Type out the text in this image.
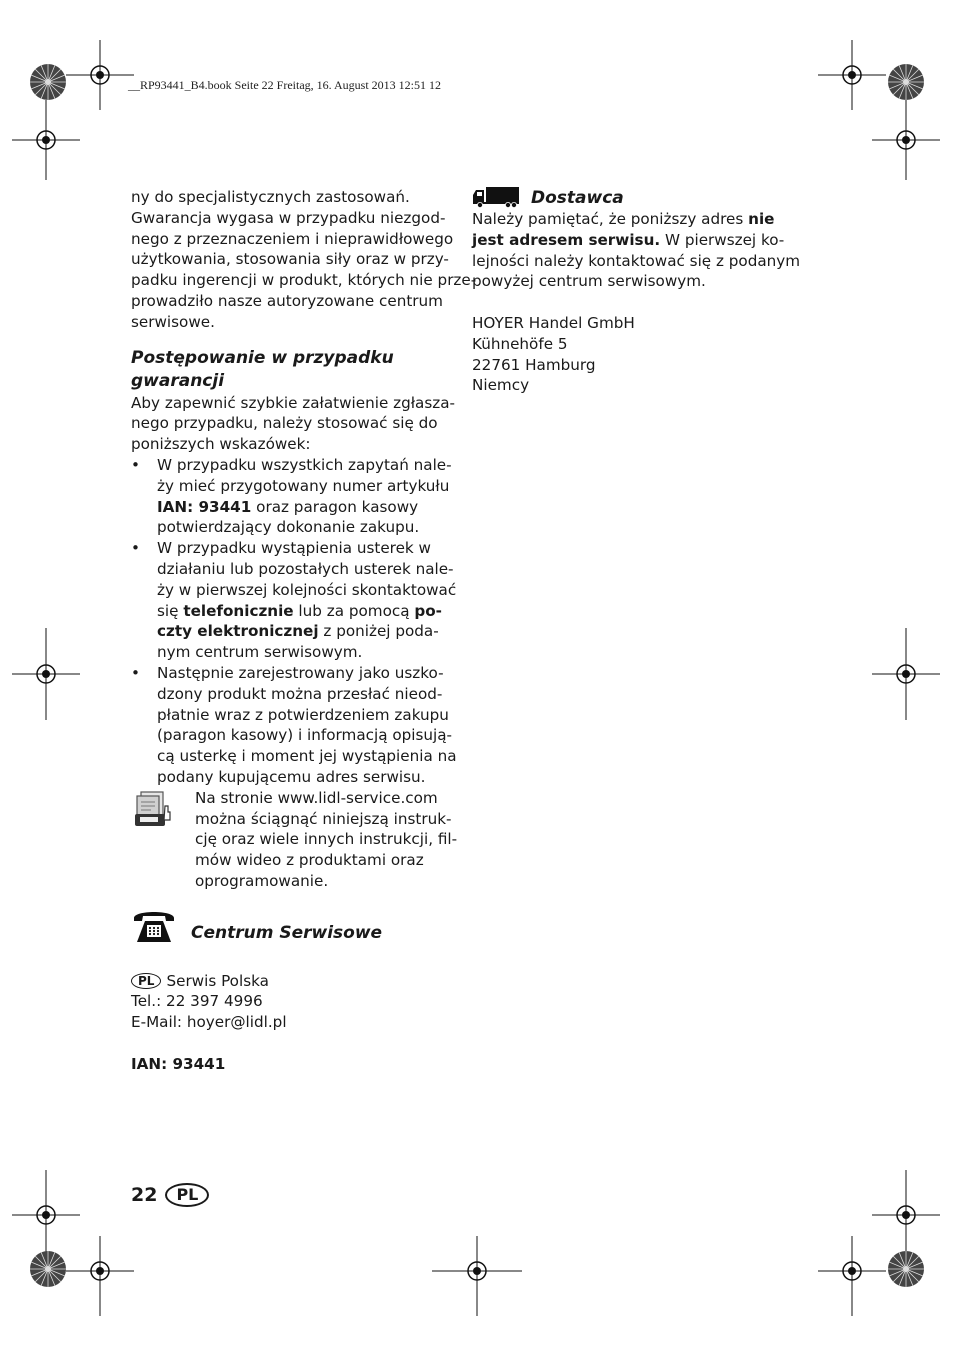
__RP93441_B4.book Seite 22 Freitag, 16. August 2013 12:51 12
ny do specjalistycznych zastosowań.
Gwarancja wygasa w przypadku niezgod-
nego z przeznaczeniem i nieprawidłowego
użytkowania, stosowania siły oraz w przy-
padku ingerencji w produkt, których nie prze-
prowadziło nasze autoryzowane centrum
serwisowe.
Postępowanie w przypadku
gwarancji
Aby zapewnić szybkie załatwienie zgłasza-
nego przypadku, należy stosować się do
poniższych wskazówek:
• W przypadku wszystkich zapytań nale-
ży mieć przygotowany numer artykułu
IAN: 93441 oraz paragon kasowy
potwierdzający dokonanie zakupu.
• W przypadku wystąpienia usterek w
działaniu lub pozostałych usterek nale-
ży w pierwszej kolejności skontaktować
się telefonicznie lub za pomocą po-
czty elektronicznej z poniżej poda-
nym centrum serwisowym.
• Następnie zarejestrowany jako uszko-
dzony produkt można przesłać nieod-
płatnie wraz z potwierdzeniem zakupu
(paragon kasowy) i informacją opisują-
cą usterkę i moment jej wystąpienia na
podany kupującemu adres serwisu.
Na stronie www.lidl-service.com
można ściągnąć niniejszą instruk-
cję oraz wiele innych instrukcji, fil-
mów wideo z produktami oraz
oprogramowanie.
Centrum Serwisowe
PL Serwis Polska
Tel.: 22 397 4996
E-Mail: hoyer@lidl.pl
IAN: 93441
Dostawca
Należy pamiętać, że poniższy adres nie
jest adresem serwisu. W pierwszej ko-
lejności należy kontaktować się z podanym
powyżej centrum serwisowym.
HOYER Handel GmbH
Kühnehöfe 5
22761 Hamburg
Niemcy
22 PL
